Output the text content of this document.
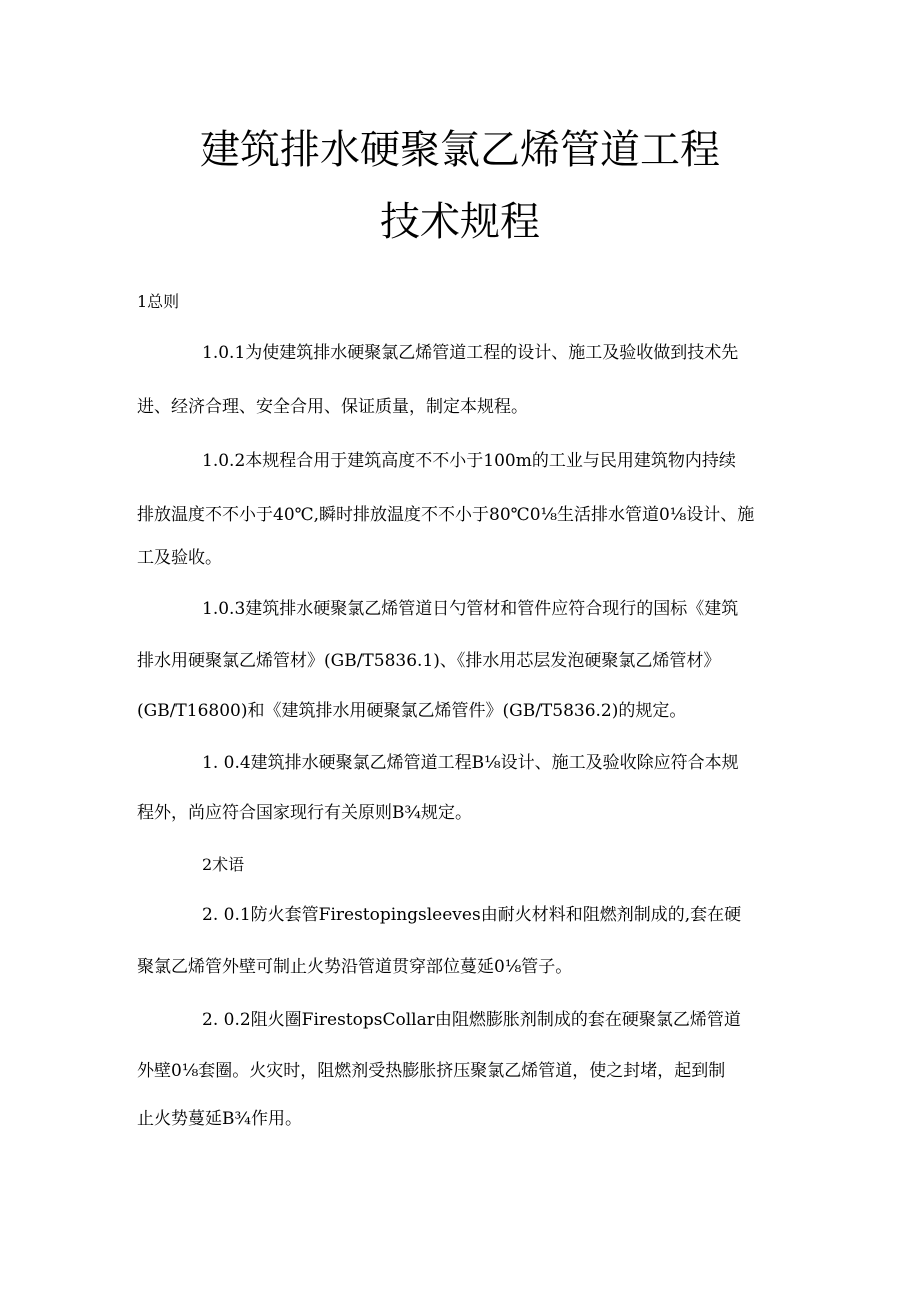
建筑排水硬聚氯乙烯管道工程
技术规程

1总则

1.0.1为使建筑排水硬聚氯乙烯管道工程的设计、施工及验收做到技术先

进、经济合理、安全合用、保证质量，制定本规程。

1.0.2本规程合用于建筑高度不不小于100m的工业与民用建筑物内持续

排放温度不不小于40℃,瞬时排放温度不不小于80℃0⅛生活排水管道0⅛设计、施

工及验收。

1.0.3建筑排水硬聚氯乙烯管道日勺管材和管件应符合现行的国标《建筑

排水用硬聚氯乙烯管材》(GB/T5836.1)、《排水用芯层发泡硬聚氯乙烯管材》

(GB/T16800)和《建筑排水用硬聚氯乙烯管件》(GB/T5836.2)的规定。

1. 0.4建筑排水硬聚氯乙烯管道工程B⅛设计、施工及验收除应符合本规

程外，尚应符合国家现行有关原则B¾规定。

2术语

2. 0.1防火套管Firestopingsleeves由耐火材料和阻燃剂制成的,套在硬

聚氯乙烯管外壁可制止火势沿管道贯穿部位蔓延0⅛管子。

2. 0.2阻火圈FirestopsCollar由阻燃膨胀剂制成的套在硬聚氯乙烯管道

外壁0⅛套圈。火灾时，阻燃剂受热膨胀挤压聚氯乙烯管道，使之封堵，起到制

止火势蔓延B¾作用。
